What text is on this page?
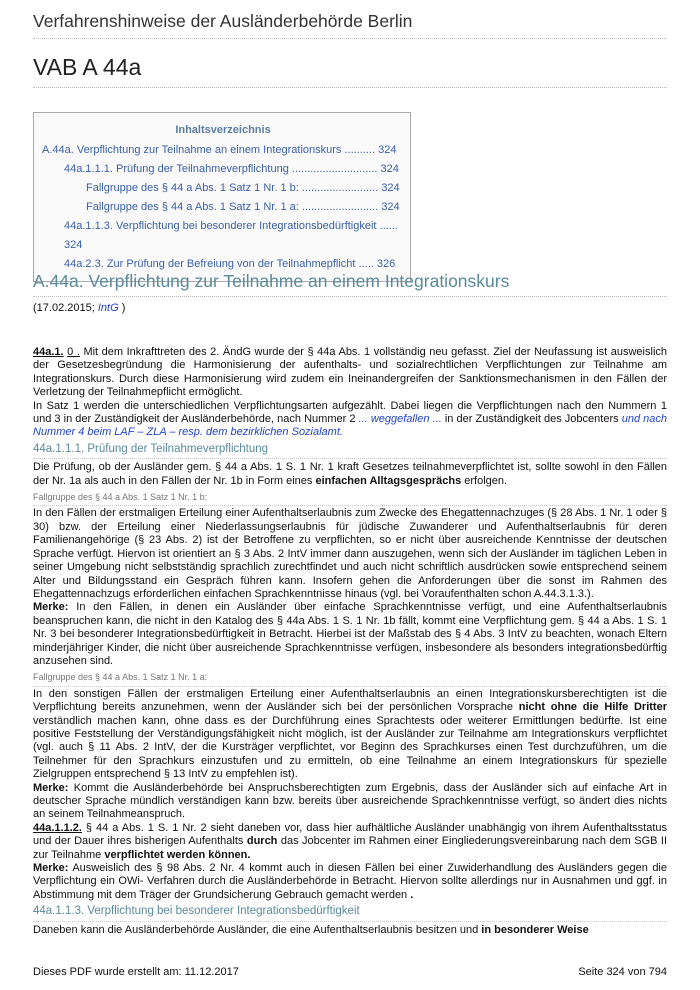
Verfahrenshinweise der Ausländerbehörde Berlin
VAB A 44a
Inhaltsverzeichnis
A.44a. Verpflichtung zur Teilnahme an einem Integrationskurs .......... 324
44a.1.1.1. Prüfung der Teilnahmeverpflichtung ............................ 324
Fallgruppe des § 44 a Abs. 1 Satz 1 Nr. 1 b: ......................... 324
Fallgruppe des § 44 a Abs. 1 Satz 1 Nr. 1 a: ......................... 324
44a.1.1.3. Verpflichtung bei besonderer Integrationsbedürftigkeit ...... 324
44a.2.3. Zur Prüfung der Befreiung von der Teilnahmepflicht ..... 326
A.44a. Verpflichtung zur Teilnahme an einem Integrationskurs
(17.02.2015; IntG )

44a.1. 0 . Mit dem Inkrafttreten des 2. ÄndG wurde der § 44a Abs. 1 vollständig neu gefasst. Ziel der Neufassung ist ausweislich der Gesetzesbegründung die Harmonisierung der aufenthalts- und sozialrechtlichen Verpflichtungen zur Teilnahme am Integrationskurs. Durch diese Harmonisierung wird zudem ein Ineinandergreifen der Sanktionsmechanismen in den Fällen der Verletzung der Teilnahmepflicht ermöglicht.

In Satz 1 werden die unterschiedlichen Verpflichtungsarten aufgezählt. Dabei liegen die Verpflichtungen nach den Nummern 1 und 3 in der Zuständigkeit der Ausländerbehörde, nach Nummer 2 ... weggefallen ... in der Zuständigkeit des Jobcenters und nach Nummer 4 beim LAF – ZLA – resp. dem bezirklichen Sozialamt.

44a.1.1.1. Prüfung der Teilnahmeverpflichtung

Die Prüfung, ob der Ausländer gem. § 44 a Abs. 1 S. 1 Nr. 1 kraft Gesetzes teilnahmeverpflichtet ist, sollte sowohl in den Fällen der Nr. 1a als auch in den Fällen der Nr. 1b in Form eines einfachen Alltagsgesprächs erfolgen.

Fallgruppe des § 44 a Abs. 1 Satz 1 Nr. 1 b:

In den Fällen der erstmaligen Erteilung einer Aufenthaltserlaubnis zum Zwecke des Ehegattennachzuges (§ 28 Abs. 1 Nr. 1 oder § 30) bzw. der Erteilung einer Niederlassungserlaubnis für jüdische Zuwanderer und Aufenthaltserlaubnis für deren Familienangehörige (§ 23 Abs. 2) ist der Betroffene zu verpflichten, so er nicht über ausreichende Kenntnisse der deutschen Sprache verfügt. Hiervon ist orientiert an § 3 Abs. 2 IntV immer dann auszugehen, wenn sich der Ausländer im täglichen Leben in seiner Umgebung nicht selbstständig sprachlich zurechtfindet und auch nicht schriftlich ausdrücken sowie entsprechend seinem Alter und Bildungsstand ein Gespräch führen kann. Insofern gehen die Anforderungen über die sonst im Rahmen des Ehegattennachzugs erforderlichen einfachen Sprachkenntnisse hinaus (vgl. bei Voraufenthalten schon A.44.3.1.3.).

Merke: In den Fällen, in denen ein Ausländer über einfache Sprachkenntnisse verfügt, und eine Aufenthaltserlaubnis beanspruchen kann, die nicht in den Katalog des § 44a Abs. 1 S. 1 Nr. 1b fällt, kommt eine Verpflichtung gem. § 44 a Abs. 1 S. 1 Nr. 3 bei besonderer Integrationsbedürftigkeit in Betracht. Hierbei ist der Maßstab des § 4 Abs. 3 IntV zu beachten, wonach Eltern minderjähriger Kinder, die nicht über ausreichende Sprachkenntnisse verfügen, insbesondere als besonders integrationsbedürftig anzusehen sind.

Fallgruppe des § 44 a Abs. 1 Satz 1 Nr. 1 a:

In den sonstigen Fällen der erstmaligen Erteilung einer Aufenthaltserlaubnis an einen Integrationskursberechtigten ist die Verpflichtung bereits anzunehmen, wenn der Ausländer sich bei der persönlichen Vorsprache nicht ohne die Hilfe Dritter verständlich machen kann, ohne dass es der Durchführung eines Sprachtests oder weiterer Ermittlungen bedürfte. Ist eine positive Feststellung der Verständigungsfähigkeit nicht möglich, ist der Ausländer zur Teilnahme am Integrationskurs verpflichtet (vgl. auch § 11 Abs. 2 IntV, der die Kursträger verpflichtet, vor Beginn des Sprachkurses einen Test durchzuführen, um die Teilnehmer für den Sprachkurs einzustufen und zu ermitteln, ob eine Teilnahme an einem Integrationskurs für spezielle Zielgruppen entsprechend § 13 IntV zu empfehlen ist).

Merke: Kommt die Ausländerbehörde bei Anspruchsberechtigten zum Ergebnis, dass der Ausländer sich auf einfache Art in deutscher Sprache mündlich verständigen kann bzw. bereits über ausreichende Sprachkenntnisse verfügt, so ändert dies nichts an seinem Teilnahmeanspruch.

44a.1.1.2. § 44 a Abs. 1 S. 1 Nr. 2 sieht daneben vor, dass hier aufhältliche Ausländer unabhängig von ihrem Aufenthaltsstatus und der Dauer ihres bisherigen Aufenthalts durch das Jobcenter im Rahmen einer Eingliederungsvereinbarung nach dem SGB II zur Teilnahme verpflichtet werden können.

Merke: Ausweislich des § 98 Abs. 2 Nr. 4 kommt auch in diesen Fällen bei einer Zuwiderhandlung des Ausländers gegen die Verpflichtung ein OWi- Verfahren durch die Ausländerbehörde in Betracht. Hiervon sollte allerdings nur in Ausnahmen und ggf. in Abstimmung mit dem Träger der Grundsicherung Gebrauch gemacht werden .

44a.1.1.3. Verpflichtung bei besonderer Integrationsbedürftigkeit

Daneben kann die Ausländerbehörde Ausländer, die eine Aufenthaltserlaubnis besitzen und in besonderer Weise

Dieses PDF wurde erstellt am: 11.12.2017	Seite 324 von 794
